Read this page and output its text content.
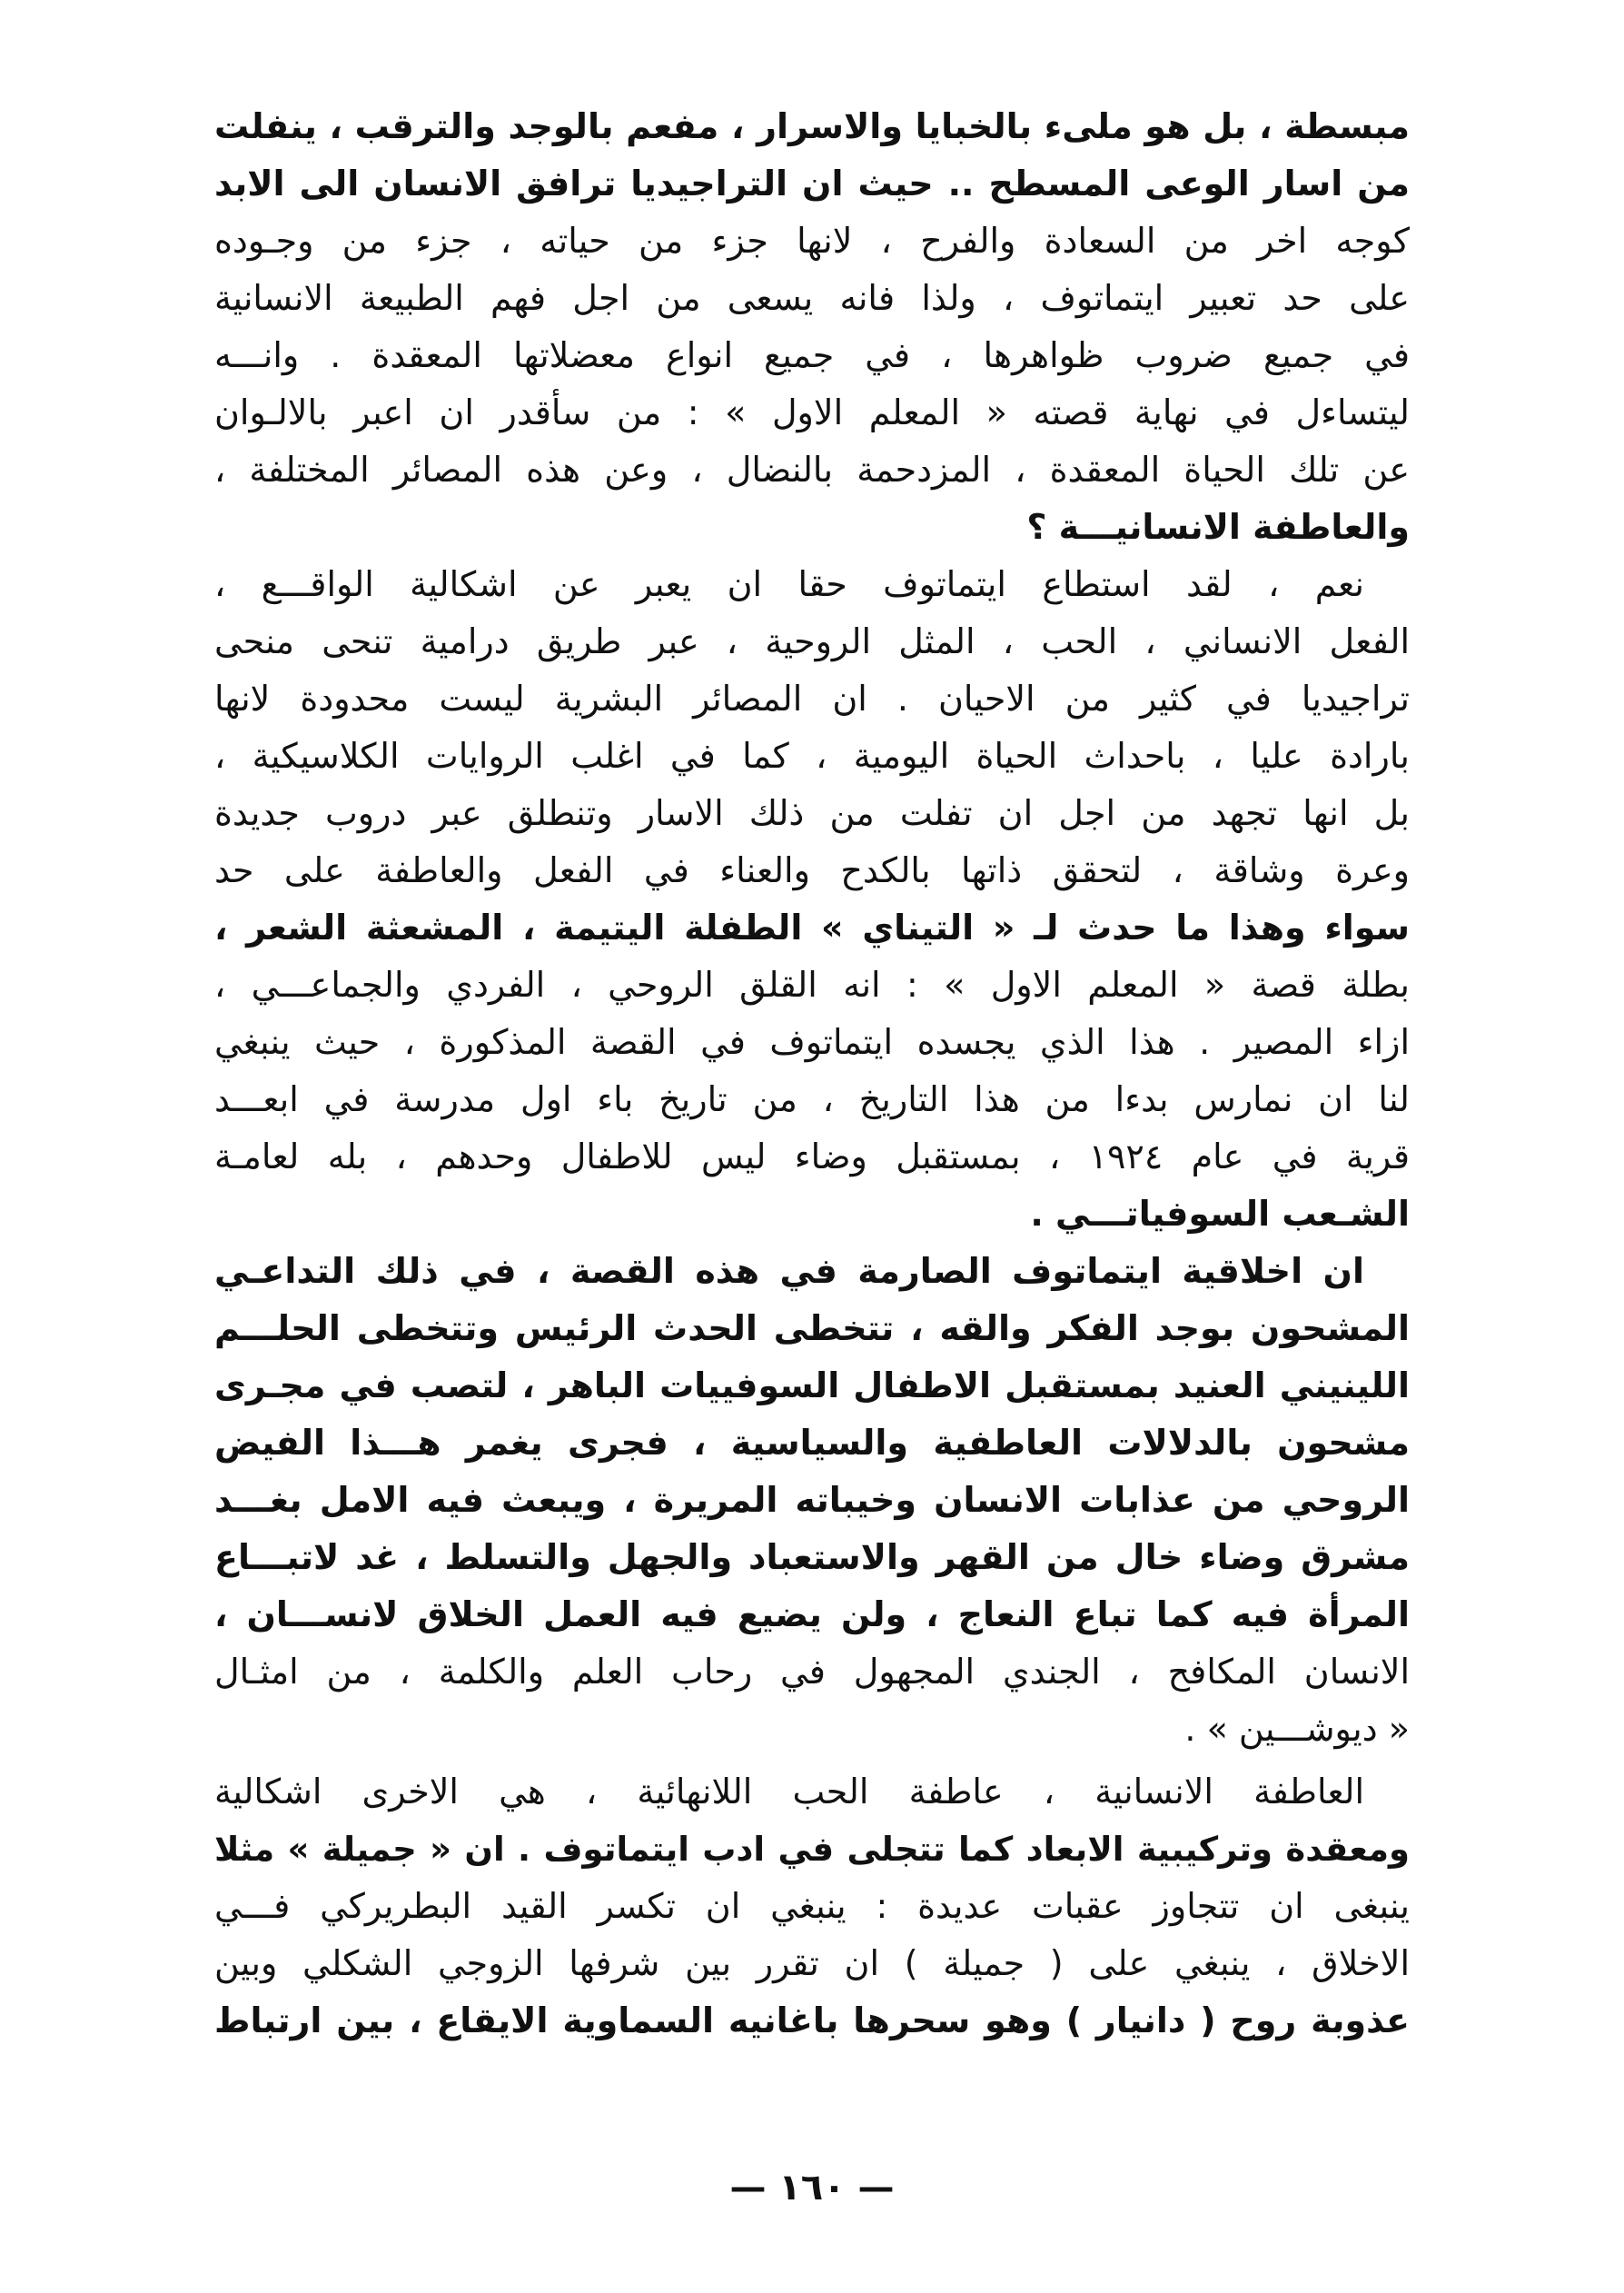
مبسطة ، بل هو ملىء بالخبايا والاسرار ، مفعم بالوجد والترقب ، ينفلت
من اسار الوعى المسطح .. حيث ان التراجيديا ترافق الانسان الى الابد
كوجه اخر من السعادة والفرح ، لانها جزء من حياته ، جزء من وجـوده
على حد تعبير ايتماتوف ، ولذا فانه يسعى من اجل فهم الطبيعة الانسانية
في جميع ضروب ظواهرها ، في جميع انواع معضلاتها المعقدة . وانـــه
ليتساءل في نهاية قصته « المعلم الاول » : من سأقدر ان اعبر بالالـوان
عن تلك الحياة المعقدة ، المزدحمة بالنضال ، وعن هذه المصائر المختلفة ،
والعاطفة الانسانيـــة ؟
نعم ، لقد استطاع ايتماتوف حقا ان يعبر عن اشكالية الواقـــع ،
الفعل الانساني ، الحب ، المثل الروحية ، عبر طريق درامية تنحى منحى
تراجيديا في كثير من الاحيان . ان المصائر البشرية ليست محدودة لانها
بارادة عليا ، باحداث الحياة اليومية ، كما في اغلب الروايات الكلاسيكية ،
بل انها تجهد من اجل ان تفلت من ذلك الاسار وتنطلق عبر دروب جديدة
وعرة وشاقة ، لتحقق ذاتها بالكدح والعناء في الفعل والعاطفة على حد
سواء وهذا ما حدث لـ « التيناي » الطفلة اليتيمة ، المشعثة الشعر ،
بطلة قصة « المعلم الاول » : انه القلق الروحي ، الفردي والجماعـــي ،
ازاء المصير . هذا الذي يجسده ايتماتوف في القصة المذكورة ، حيث ينبغي
لنا ان نمارس بدءا من هذا التاريخ ، من تاريخ باء اول مدرسة في ابعـــد
قرية في عام ١٩٢٤ ، بمستقبل وضاء ليس للاطفال وحدهم ، بله لعامـة
الشـعب السوفياتـــي .
ان اخلاقية ايتماتوف الصارمة في هذه القصة ، في ذلك التداعـي
المشحون بوجد الفكر والقه ، تتخطى الحدث الرئيس وتتخطى الحلـــم
اللينيني العنيد بمستقبل الاطفال السوفييات الباهر ، لتصب في مجـرى
مشحون بالدلالات العاطفية والسياسية ، فجرى يغمر هـــذا الفيض
الروحي من عذابات الانسان وخيباته المريرة ، ويبعث فيه الامل بغـــد
مشرق وضاء خال من القهر والاستعباد والجهل والتسلط ، غد لاتبـــاع
المرأة فيه كما تباع النعاج ، ولن يضيع فيه العمل الخلاق لانســـان ،
الانسان المكافح ، الجندي المجهول في رحاب العلم والكلمة ، من امثـال
« ديوشـــين » .
العاطفة الانسانية ، عاطفة الحب اللانهائية ، هي الاخرى اشكالية
ومعقدة وتركيبية الابعاد كما تتجلى في ادب ايتماتوف . ان « جميلة » مثلا
ينبغى ان تتجاوز عقبات عديدة : ينبغي ان تكسر القيد البطريركي فـــي
الاخلاق ، ينبغي على ( جميلة ) ان تقرر بين شرفها الزوجي الشكلي وبين
عذوبة روح ( دانيار ) وهو سحرها باغانيه السماوية الايقاع ، بين ارتباط
— ١٦٠ —
